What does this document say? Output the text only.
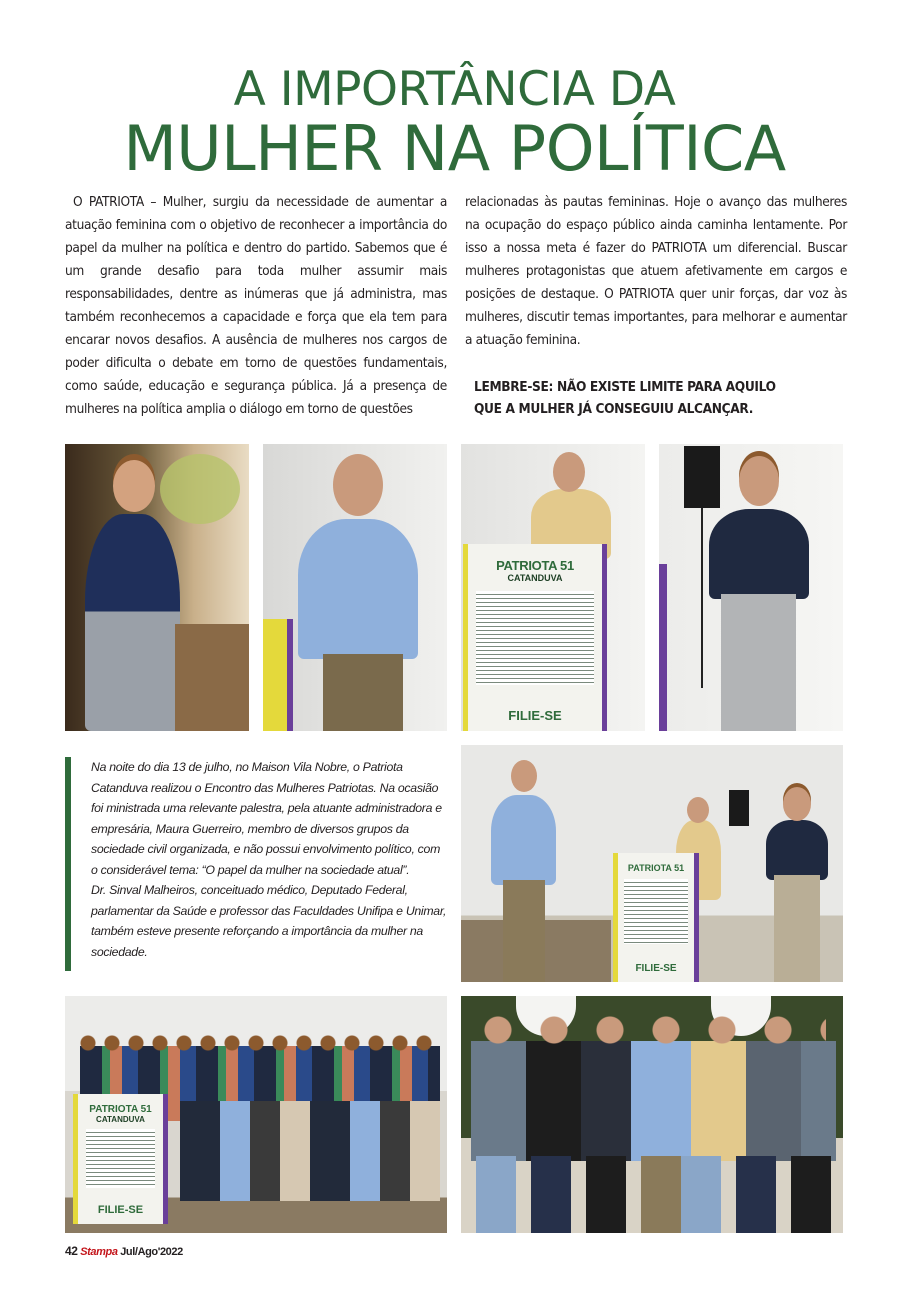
A IMPORTÂNCIA DA
MULHER NA POLÍTICA

O PATRIOTA – Mulher, surgiu da necessidade de aumentar a atuação feminina com o objetivo de reconhecer a importância do papel da mulher na política e dentro do partido. Sabemos que é um grande desafio para toda mulher assumir mais responsabilidades, dentre as inúmeras que já administra, mas também reconhecemos a capacidade e força que ela tem para encarar novos desafios. A ausência de mulheres nos cargos de poder dificulta o debate em torno de questões fundamentais, como saúde, educação e segurança pública. Já a presença de mulheres na política amplia o diálogo em torno de questões

relacionadas às pautas femininas. Hoje o avanço das mulheres na ocupação do espaço público ainda caminha lentamente. Por isso a nossa meta é fazer do PATRIOTA um diferencial. Buscar mulheres protagonistas que atuem afetivamente em cargos e posições de destaque. O PATRIOTA quer unir forças, dar voz às mulheres, discutir temas importantes, para melhorar e aumentar a atuação feminina.

LEMBRE-SE: NÃO EXISTE LIMITE PARA AQUILO
QUE A MULHER JÁ CONSEGUIU ALCANÇAR.
PATRIOTA 51
CATANDUVA
FILIE-SE

Na noite do dia 13 de julho, no Maison Vila Nobre, o Patriota Catanduva realizou o Encontro das Mulheres Patriotas. Na ocasião foi ministrada uma relevante palestra, pela atuante administradora e empresária, Maura Guerreiro, membro de diversos grupos da sociedade civil organizada, e não possui envolvimento político, com o considerável tema: “O papel da mulher na sociedade atual”.

Dr. Sinval Malheiros, conceituado médico, Deputado Federal, parlamentar da Saúde e professor das Faculdades Unifipa e Unimar, também esteve presente reforçando a importância da mulher na sociedade.

PATRIOTA 51
FILIE-SE
PATRIOTA 51
CATANDUVA
FILIE-SE
42 Stampa Jul/Ago'2022
